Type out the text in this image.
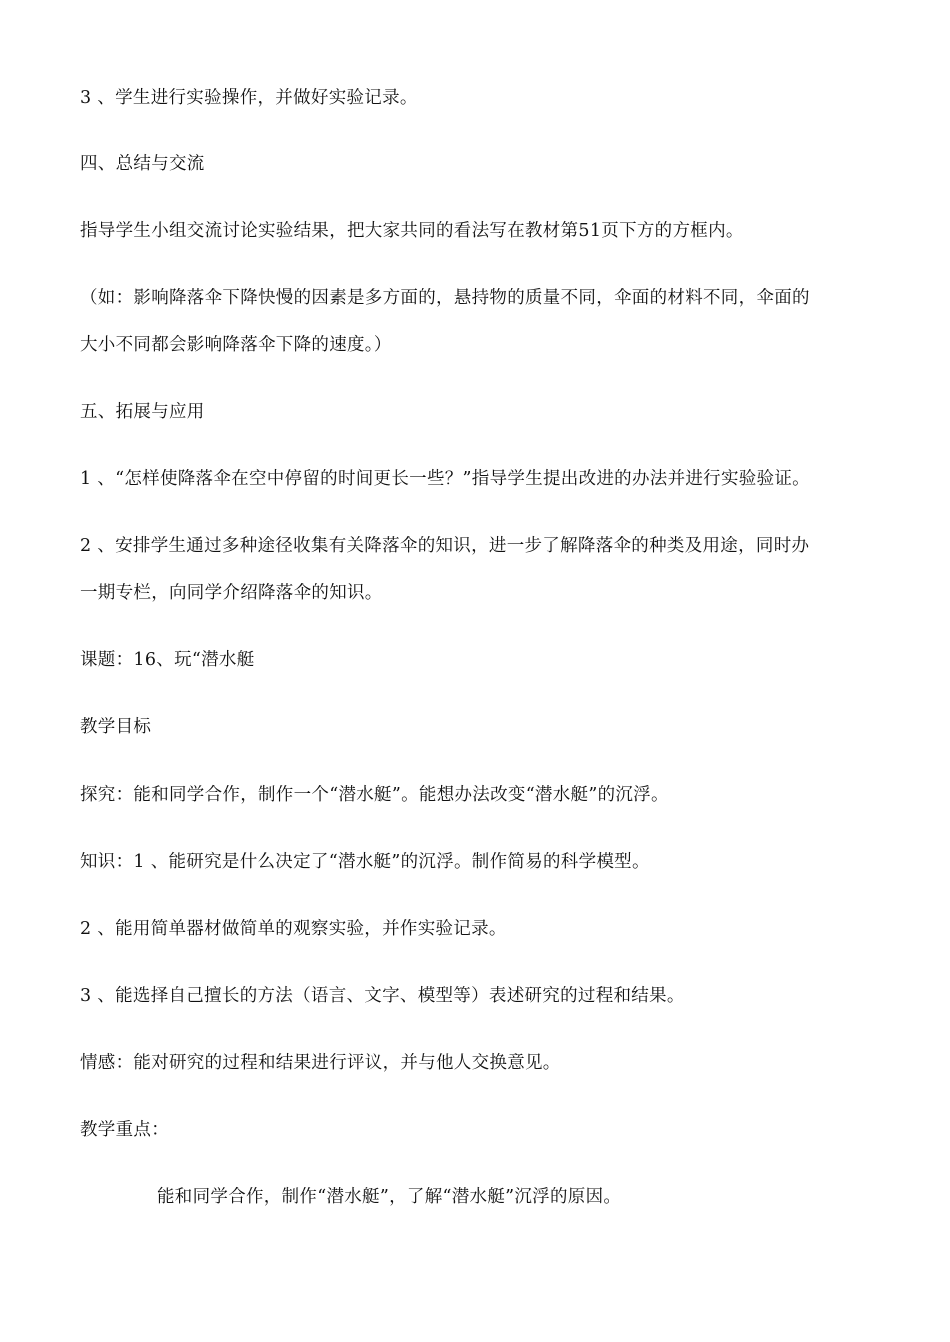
3 、学生进行实验操作，并做好实验记录。
四、总结与交流
指导学生小组交流讨论实验结果，把大家共同的看法写在教材第51页下方的方框内。
（如：影响降落伞下降快慢的因素是多方面的，悬持物的质量不同，伞面的材料不同，伞面的
大小不同都会影响降落伞下降的速度。）
五、拓展与应用
1 、“怎样使降落伞在空中停留的时间更长一些？”指导学生提出改进的办法并进行实验验证。
2 、安排学生通过多种途径收集有关降落伞的知识，进一步了解降落伞的种类及用途，同时办
一期专栏，向同学介绍降落伞的知识。
课题：16、玩“潜水艇
教学目标
探究：能和同学合作，制作一个“潜水艇”。能想办法改变“潜水艇”的沉浮。
知识：1 、能研究是什么决定了“潜水艇”的沉浮。制作简易的科学模型。
2 、能用简单器材做简单的观察实验，并作实验记录。
3 、能选择自己擅长的方法（语言、文字、模型等）表述研究的过程和结果。
情感：能对研究的过程和结果进行评议，并与他人交换意见。
教学重点：
能和同学合作，制作“潜水艇”，了解“潜水艇”沉浮的原因。
